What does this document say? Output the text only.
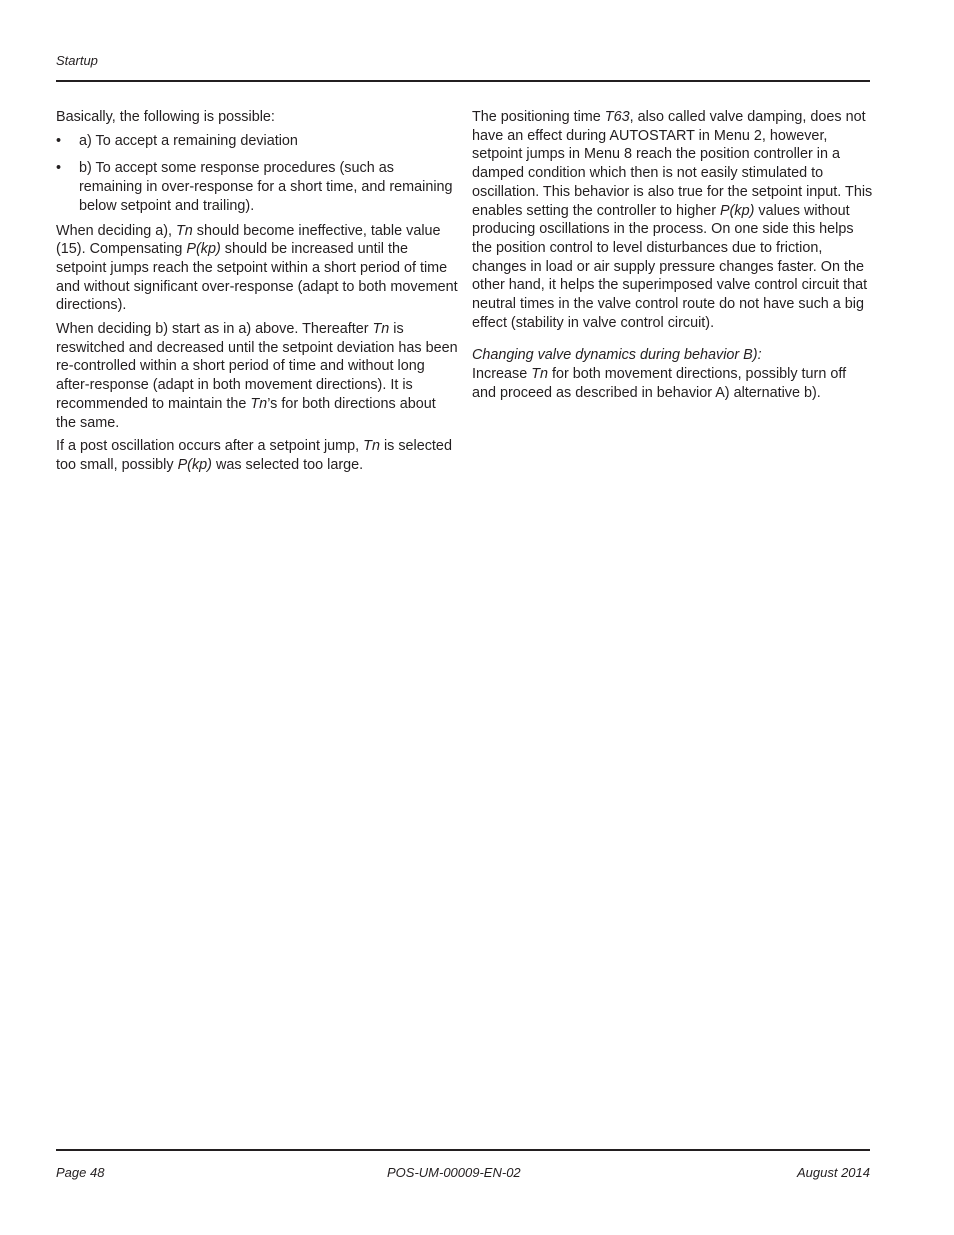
Startup

Basically, the following is possible:

• a) To accept a remaining deviation
• b) To accept some response procedures (such as remaining in over-response for a short time, and remaining below setpoint and trailing).

When deciding a), Tn should become ineffective, table value (15). Compensating P(kp) should be increased until the setpoint jumps reach the setpoint within a short period of time and without significant over-response (adapt to both movement directions).

When deciding b) start as in a) above. Thereafter Tn is reswitched and decreased until the setpoint deviation has been re-controlled within a short period of time and without long after-response (adapt in both movement directions). It is recommended to maintain the Tn’s for both directions about the same.

If a post oscillation occurs after a setpoint jump, Tn is selected too small, possibly P(kp) was selected too large.

The positioning time T63, also called valve damping, does not have an effect during AUTOSTART in Menu 2, however, setpoint jumps in Menu 8 reach the position controller in a damped condition which then is not easily stimulated to oscillation. This behavior is also true for the setpoint input. This enables setting the controller to higher P(kp) values without producing oscillations in the process. On one side this helps the position control to level disturbances due to friction, changes in load or air supply pressure changes faster. On the other hand, it helps the superimposed valve control circuit that neutral times in the valve control route do not have such a big effect (stability in valve control circuit).

Changing valve dynamics during behavior B):
Increase Tn for both movement directions, possibly turn off and proceed as described in behavior A) alternative b).

Page 48	POS-UM-00009-EN-02	August 2014
